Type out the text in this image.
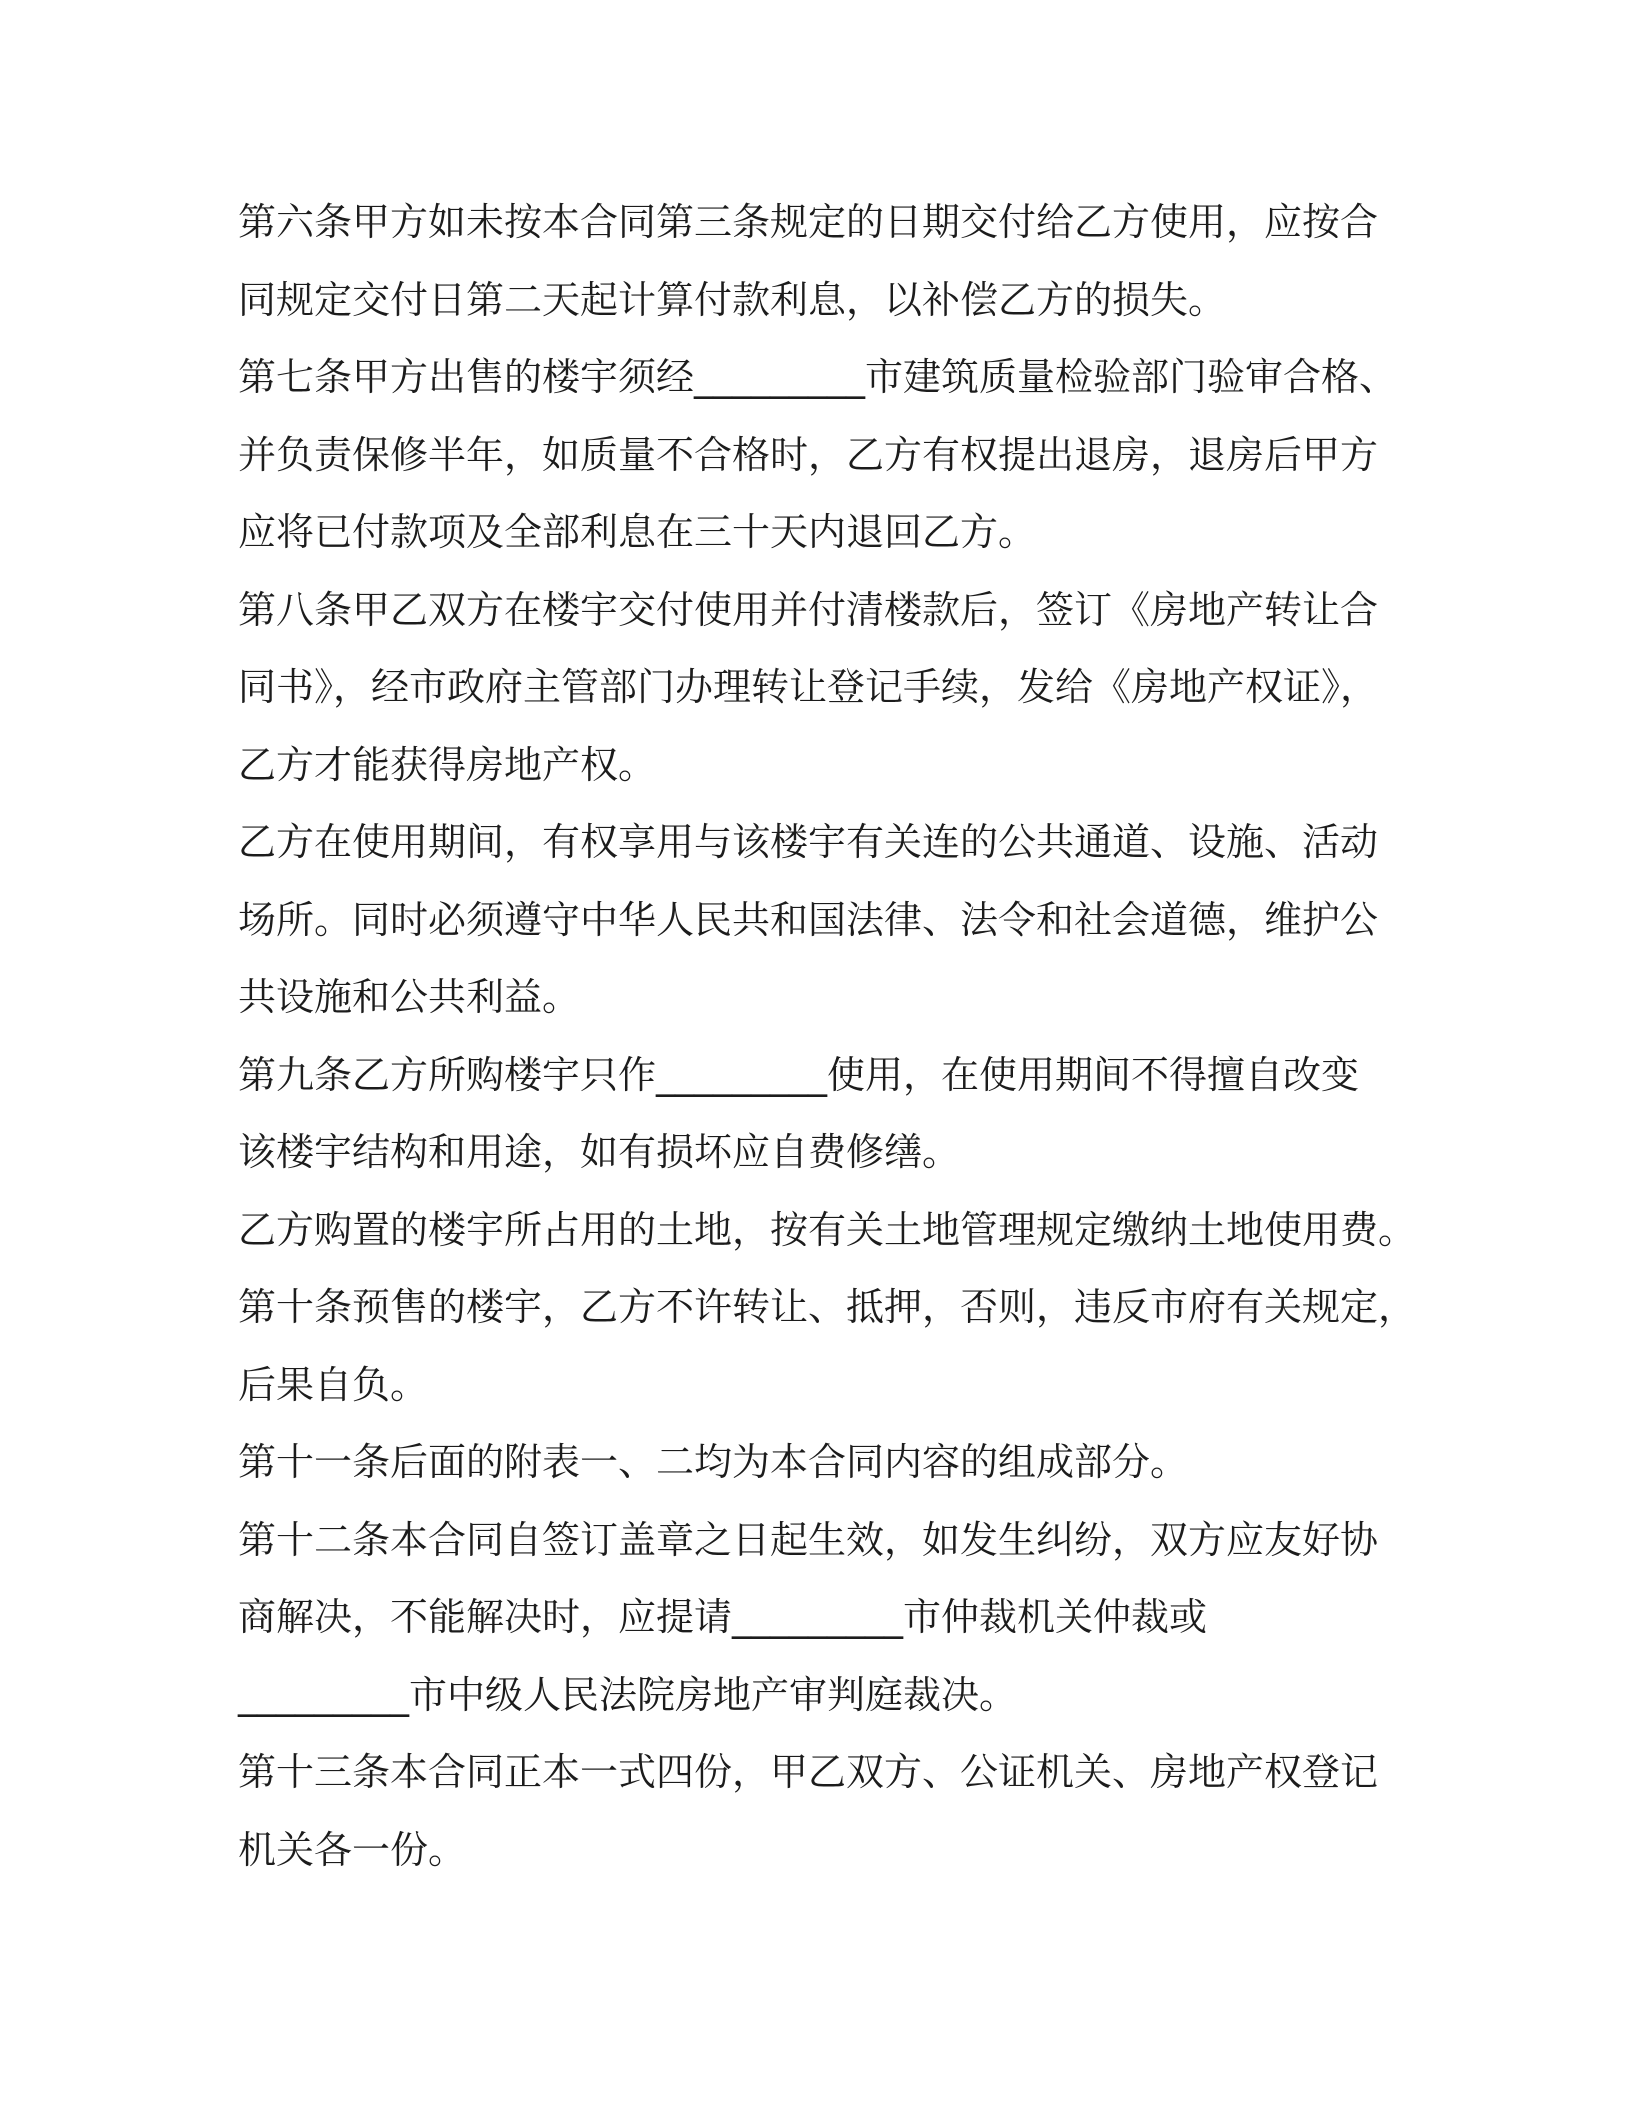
第六条甲方如未按本合同第三条规定的日期交付给乙方使用，应按合
同规定交付日第二天起计算付款利息，以补偿乙方的损失。
第七条甲方出售的楼宇须经_________市建筑质量检验部门验审合格、
并负责保修半年，如质量不合格时，乙方有权提出退房，退房后甲方
应将已付款项及全部利息在三十天内退回乙方。
第八条甲乙双方在楼宇交付使用并付清楼款后，签订《房地产转让合
同书》，经市政府主管部门办理转让登记手续，发给《房地产权证》，
乙方才能获得房地产权。
乙方在使用期间，有权享用与该楼宇有关连的公共通道、设施、活动
场所。同时必须遵守中华人民共和国法律、法令和社会道德，维护公
共设施和公共利益。
第九条乙方所购楼宇只作_________使用，在使用期间不得擅自改变
该楼宇结构和用途，如有损坏应自费修缮。
乙方购置的楼宇所占用的土地，按有关土地管理规定缴纳土地使用费。
第十条预售的楼宇，乙方不许转让、抵押，否则，违反市府有关规定，
后果自负。
第十一条后面的附表一、二均为本合同内容的组成部分。
第十二条本合同自签订盖章之日起生效，如发生纠纷，双方应友好协
商解决，不能解决时，应提请_________市仲裁机关仲裁或
_________市中级人民法院房地产审判庭裁决。
第十三条本合同正本一式四份，甲乙双方、公证机关、房地产权登记
机关各一份。
